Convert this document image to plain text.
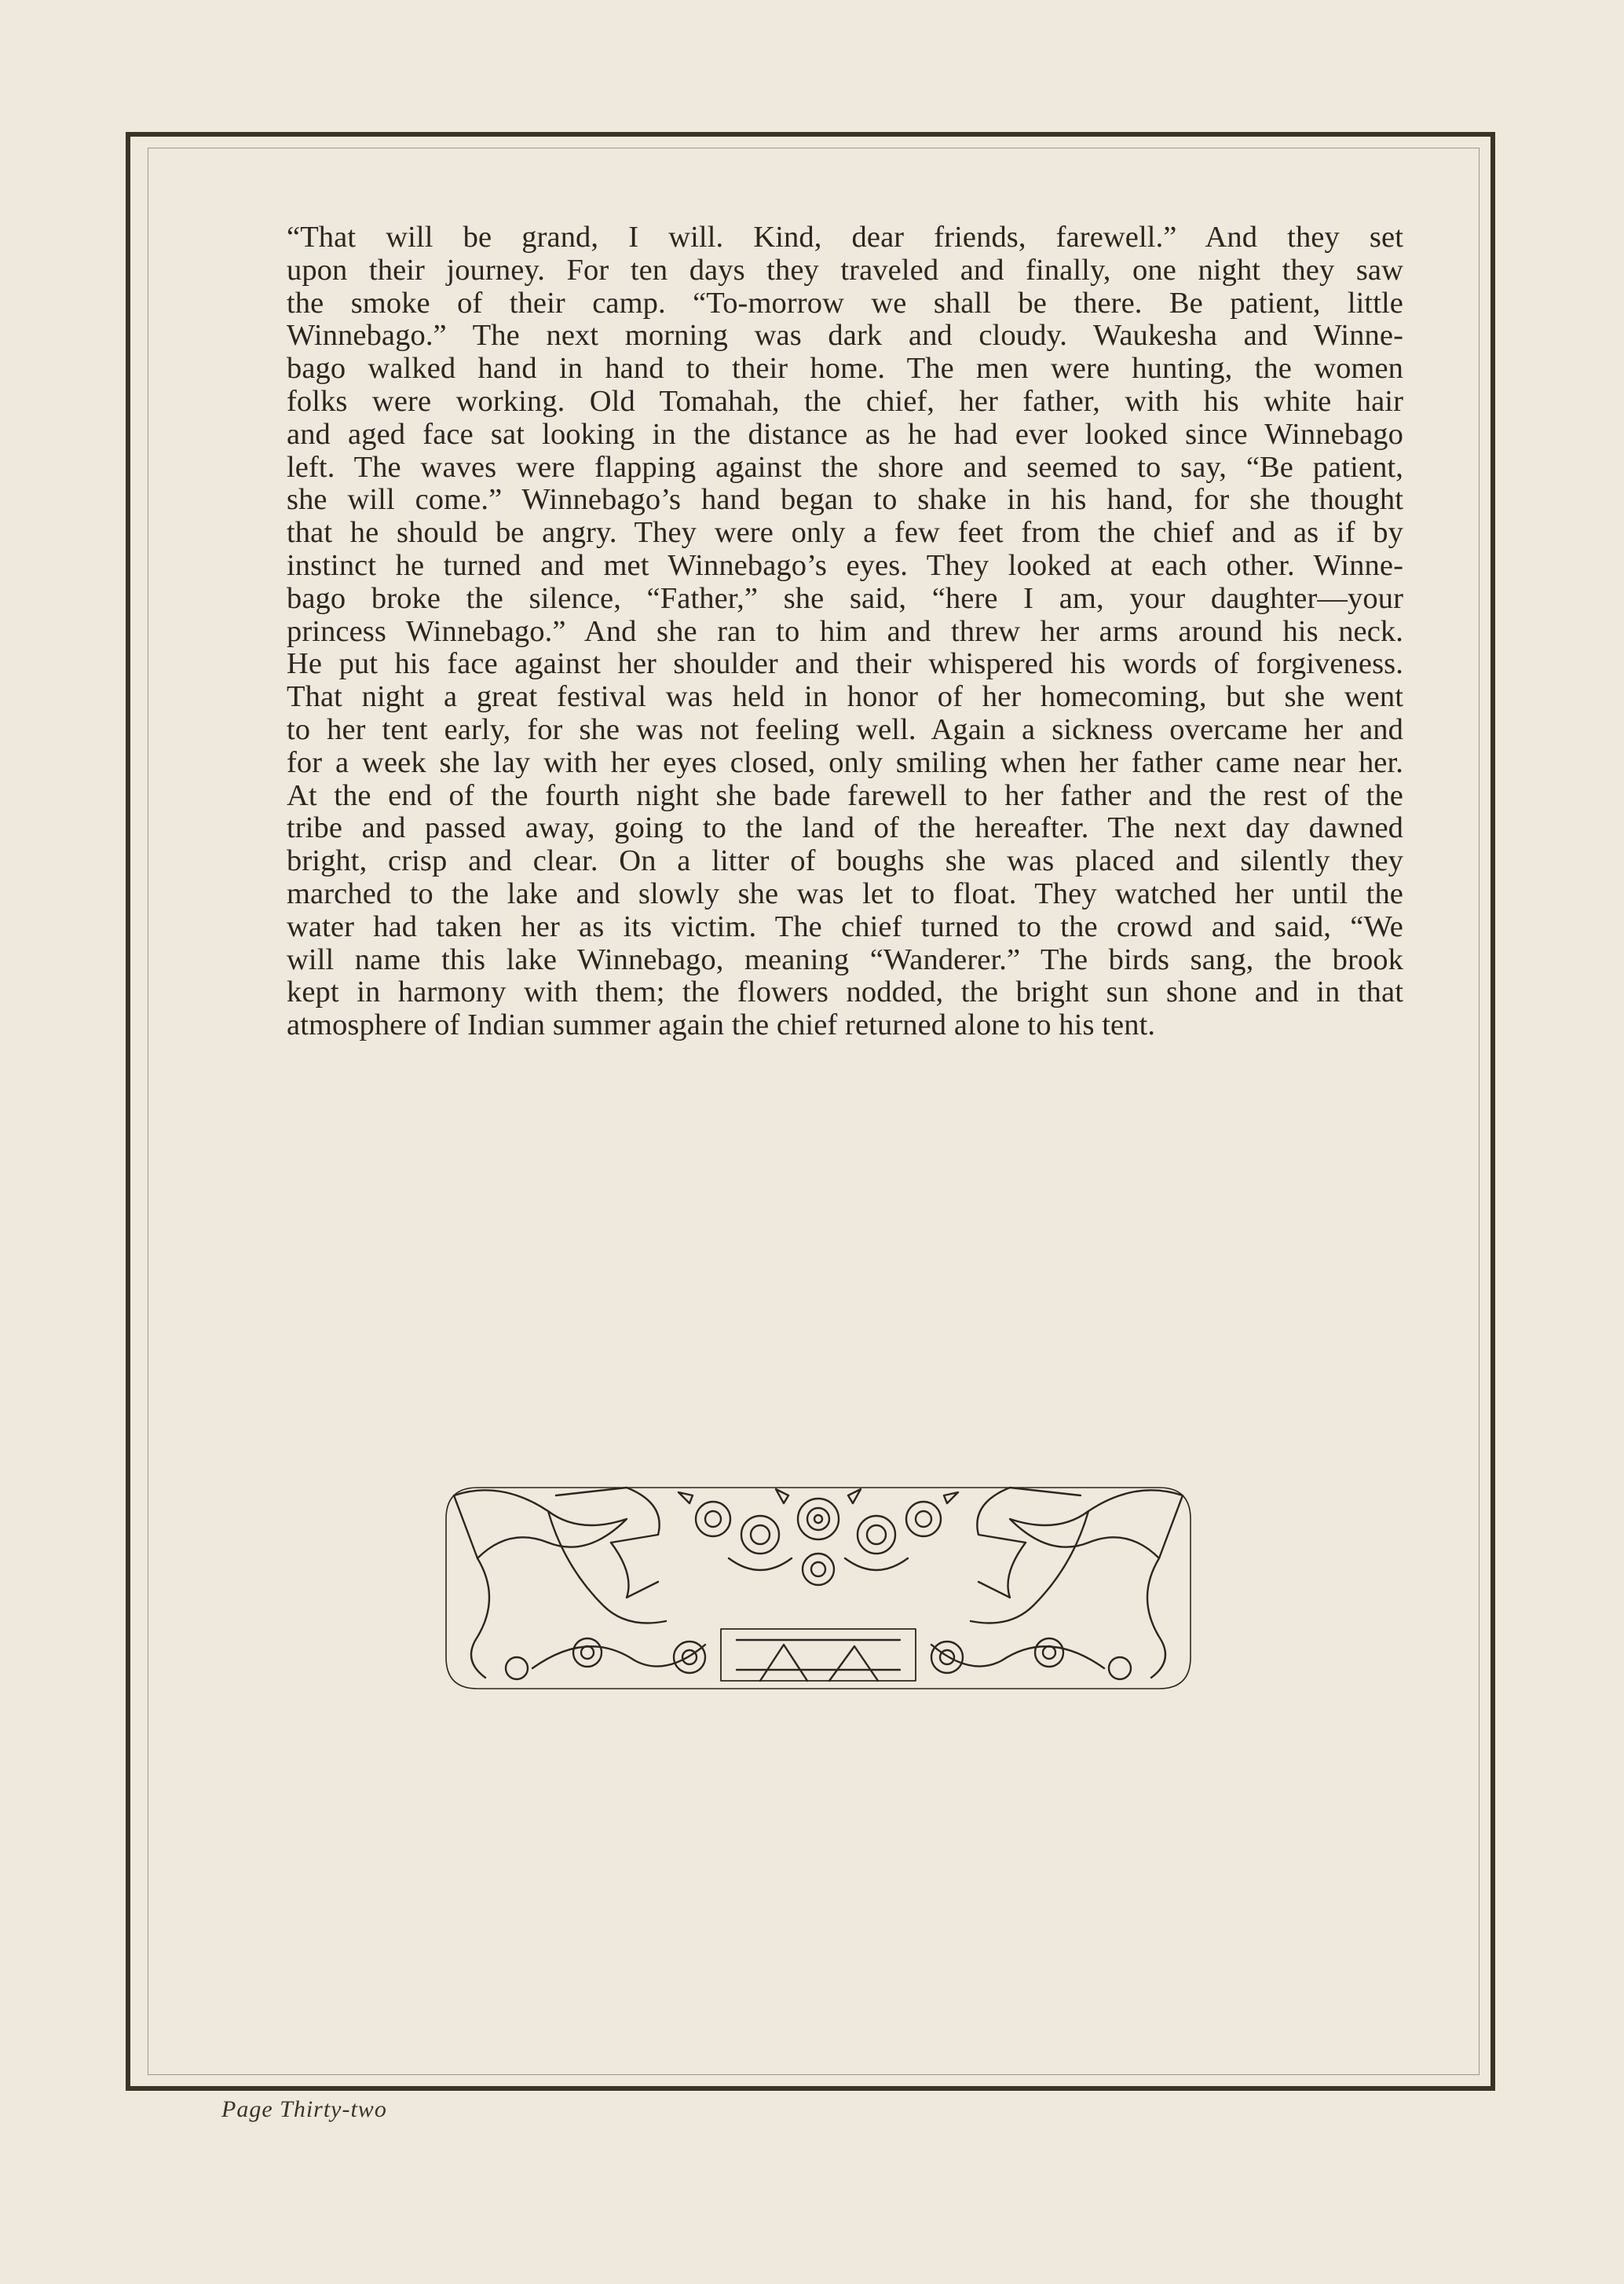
“That will be grand, I will. Kind, dear friends, farewell.” And they set
upon their journey. For ten days they traveled and finally, one night they saw
the smoke of their camp. “To-morrow we shall be there. Be patient, little
Winnebago.” The next morning was dark and cloudy. Waukesha and Winne-
bago walked hand in hand to their home. The men were hunting, the women
folks were working. Old Tomahah, the chief, her father, with his white hair
and aged face sat looking in the distance as he had ever looked since Winnebago
left. The waves were flapping against the shore and seemed to say, “Be patient,
she will come.” Winnebago’s hand began to shake in his hand, for she thought
that he should be angry. They were only a few feet from the chief and as if by
instinct he turned and met Winnebago’s eyes. They looked at each other. Winne-
bago broke the silence, “Father,” she said, “here I am, your daughter—your
princess Winnebago.” And she ran to him and threw her arms around his neck.
He put his face against her shoulder and their whispered his words of forgiveness.

That night a great festival was held in honor of her homecoming, but she went
to her tent early, for she was not feeling well. Again a sickness overcame her and
for a week she lay with her eyes closed, only smiling when her father came near her.
At the end of the fourth night she bade farewell to her father and the rest of the
tribe and passed away, going to the land of the hereafter. The next day dawned
bright, crisp and clear. On a litter of boughs she was placed and silently they
marched to the lake and slowly she was let to float. They watched her until the
water had taken her as its victim. The chief turned to the crowd and said, “We
will name this lake Winnebago, meaning “Wanderer.” The birds sang, the brook
kept in harmony with them; the flowers nodded, the bright sun shone and in that
atmosphere of Indian summer again the chief returned alone to his tent.

Page Thirty-two
